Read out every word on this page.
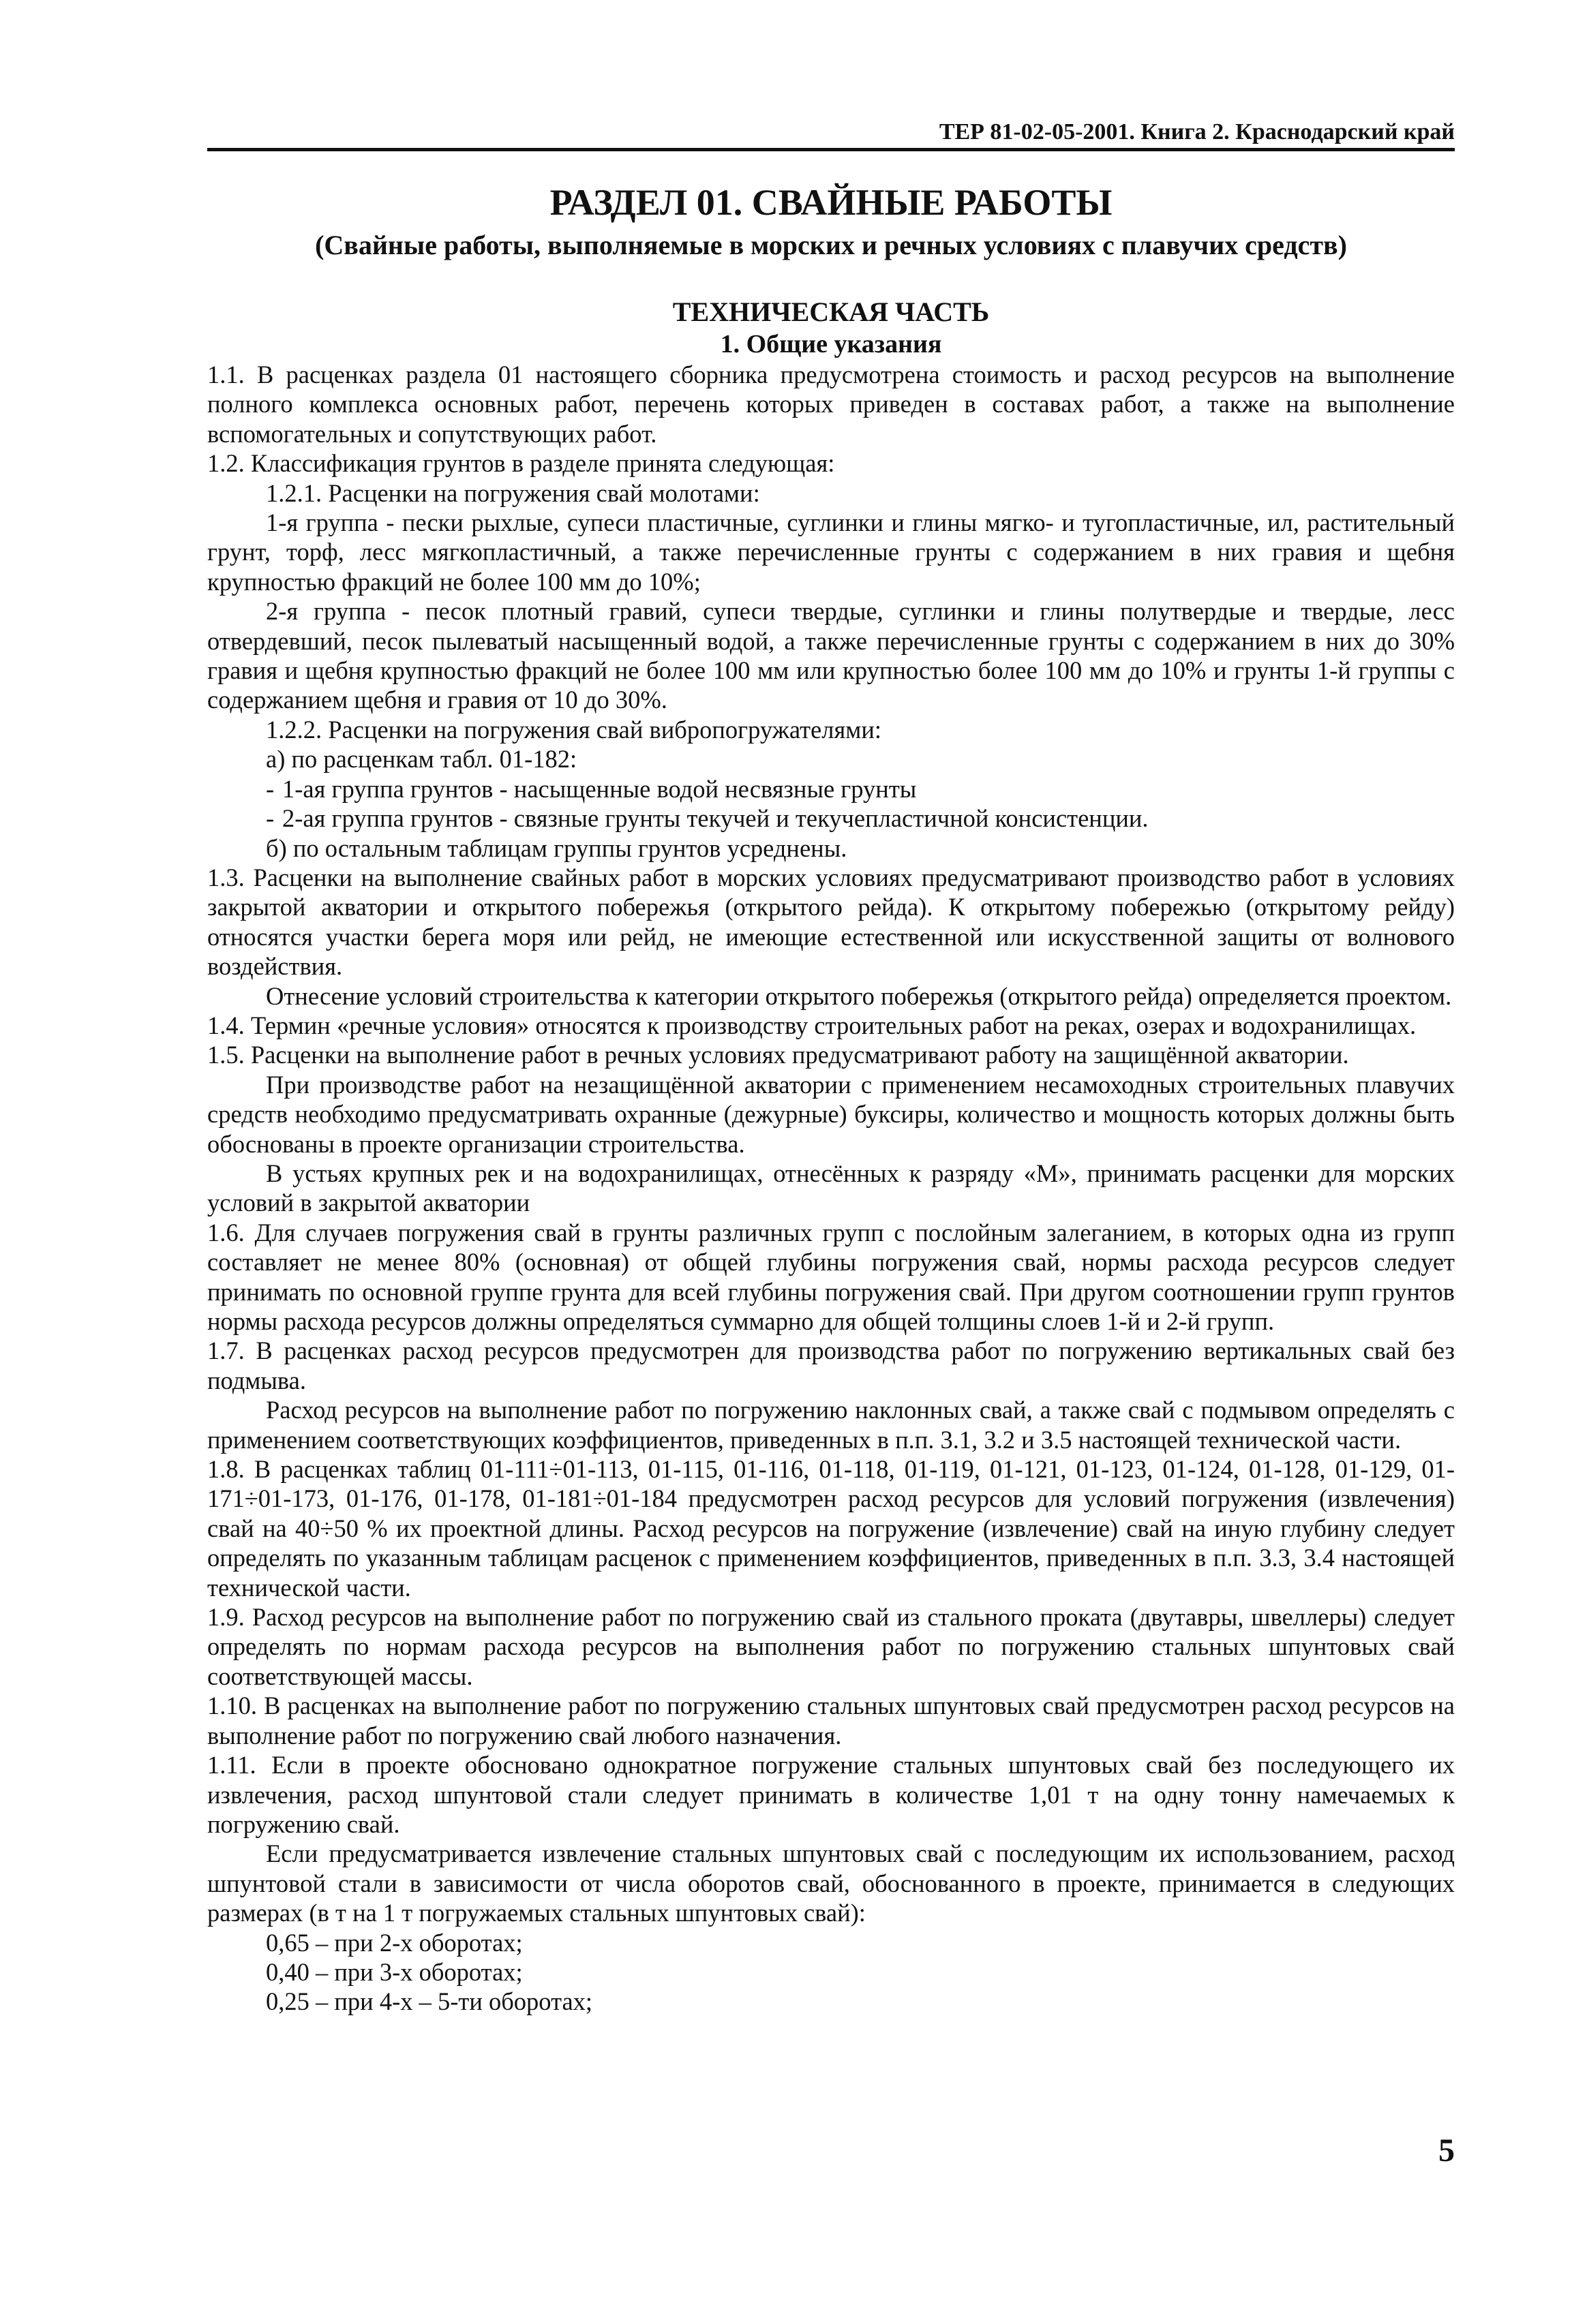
ТЕР 81-02-05-2001. Книга 2. Краснодарский край
РАЗДЕЛ 01. СВАЙНЫЕ РАБОТЫ
(Свайные работы, выполняемые в морских и речных условиях с плавучих средств)
ТЕХНИЧЕСКАЯ ЧАСТЬ
1. Общие указания

1.1. В расценках раздела 01 настоящего сборника предусмотрена стоимость и расход ресурсов на выполнение полного комплекса основных работ, перечень которых приведен в составах работ, а также на выполнение вспомогательных и сопутствующих работ.

1.2. Классификация грунтов в разделе принята следующая:

1.2.1. Расценки на погружения свай молотами:

1-я группа - пески рыхлые, супеси пластичные, суглинки и глины мягко- и тугопластичные, ил, растительный грунт, торф, лесс мягкопластичный, а также перечисленные грунты с содержанием в них гравия и щебня крупностью фракций не более 100 мм до 10%;

2-я группа - песок плотный гравий, супеси твердые, суглинки и глины полутвердые и твердые, лесс отвердевший, песок пылеватый насыщенный водой, а также перечисленные грунты с содержанием в них до 30% гравия и щебня крупностью фракций не более 100 мм или крупностью более 100 мм до 10% и грунты 1-й группы с содержанием щебня и гравия от 10 до 30%.

1.2.2. Расценки на погружения свай вибропогружателями:

а) по расценкам табл. 01-182:

- 1-ая группа грунтов - насыщенные водой несвязные грунты

- 2-ая группа грунтов - связные грунты текучей и текучепластичной консистенции.

б) по остальным таблицам группы грунтов усреднены.

1.3. Расценки на выполнение свайных работ в морских условиях предусматривают производство работ в условиях закрытой акватории и открытого побережья (открытого рейда). К открытому побережью (открытому рейду) относятся участки берега моря или рейд, не имеющие естественной или искусственной защиты от волнового воздействия.

Отнесение условий строительства к категории открытого побережья (открытого рейда) определяется проектом.

1.4. Термин «речные условия» относятся к производству строительных работ на реках, озерах и водохранилищах.

1.5. Расценки на выполнение работ в речных условиях предусматривают работу на защищённой акватории.

При производстве работ на незащищённой акватории с применением несамоходных строительных плавучих средств необходимо предусматривать охранные (дежурные) буксиры, количество и мощность которых должны быть обоснованы в проекте организации строительства.

В устьях крупных рек и на водохранилищах, отнесённых к разряду «М», принимать расценки для морских условий в закрытой акватории

1.6. Для случаев погружения свай в грунты различных групп с послойным залеганием, в которых одна из групп составляет не менее 80% (основная) от общей глубины погружения свай, нормы расхода ресурсов следует принимать по основной группе грунта для всей глубины погружения свай. При другом соотношении групп грунтов нормы расхода ресурсов должны определяться суммарно для общей толщины слоев 1-й и 2-й групп.

1.7. В расценках расход ресурсов предусмотрен для производства работ по погружению вертикальных свай без подмыва.

Расход ресурсов на выполнение работ по погружению наклонных свай, а также свай с подмывом определять с применением соответствующих коэффициентов, приведенных в п.п. 3.1, 3.2 и 3.5 настоящей технической части.

1.8. В расценках таблиц 01-111÷01-113, 01-115, 01-116, 01-118, 01-119, 01-121, 01-123, 01-124, 01-128, 01-129, 01-171÷01-173, 01-176, 01-178, 01-181÷01-184 предусмотрен расход ресурсов для условий погружения (извлечения) свай на 40÷50 % их проектной длины. Расход ресурсов на погружение (извлечение) свай на иную глубину следует определять по указанным таблицам расценок с применением коэффициентов, приведенных в п.п. 3.3, 3.4 настоящей технической части.

1.9. Расход ресурсов на выполнение работ по погружению свай из стального проката (двутавры, швеллеры) следует определять по нормам расхода ресурсов на выполнения работ по погружению стальных шпунтовых свай соответствующей массы.

1.10. В расценках на выполнение работ по погружению стальных шпунтовых свай предусмотрен расход ресурсов на выполнение работ по погружению свай любого назначения.

1.11. Если в проекте обосновано однократное погружение стальных шпунтовых свай без последующего их извлечения, расход шпунтовой стали следует принимать в количестве 1,01 т на одну тонну намечаемых к погружению свай.

Если предусматривается извлечение стальных шпунтовых свай с последующим их использованием, расход шпунтовой стали в зависимости от числа оборотов свай, обоснованного в проекте, принимается в следующих размерах (в т на 1 т погружаемых стальных шпунтовых свай):

0,65 – при 2-х оборотах;

0,40 – при 3-х оборотах;

0,25 – при 4-х – 5-ти оборотах;

5
